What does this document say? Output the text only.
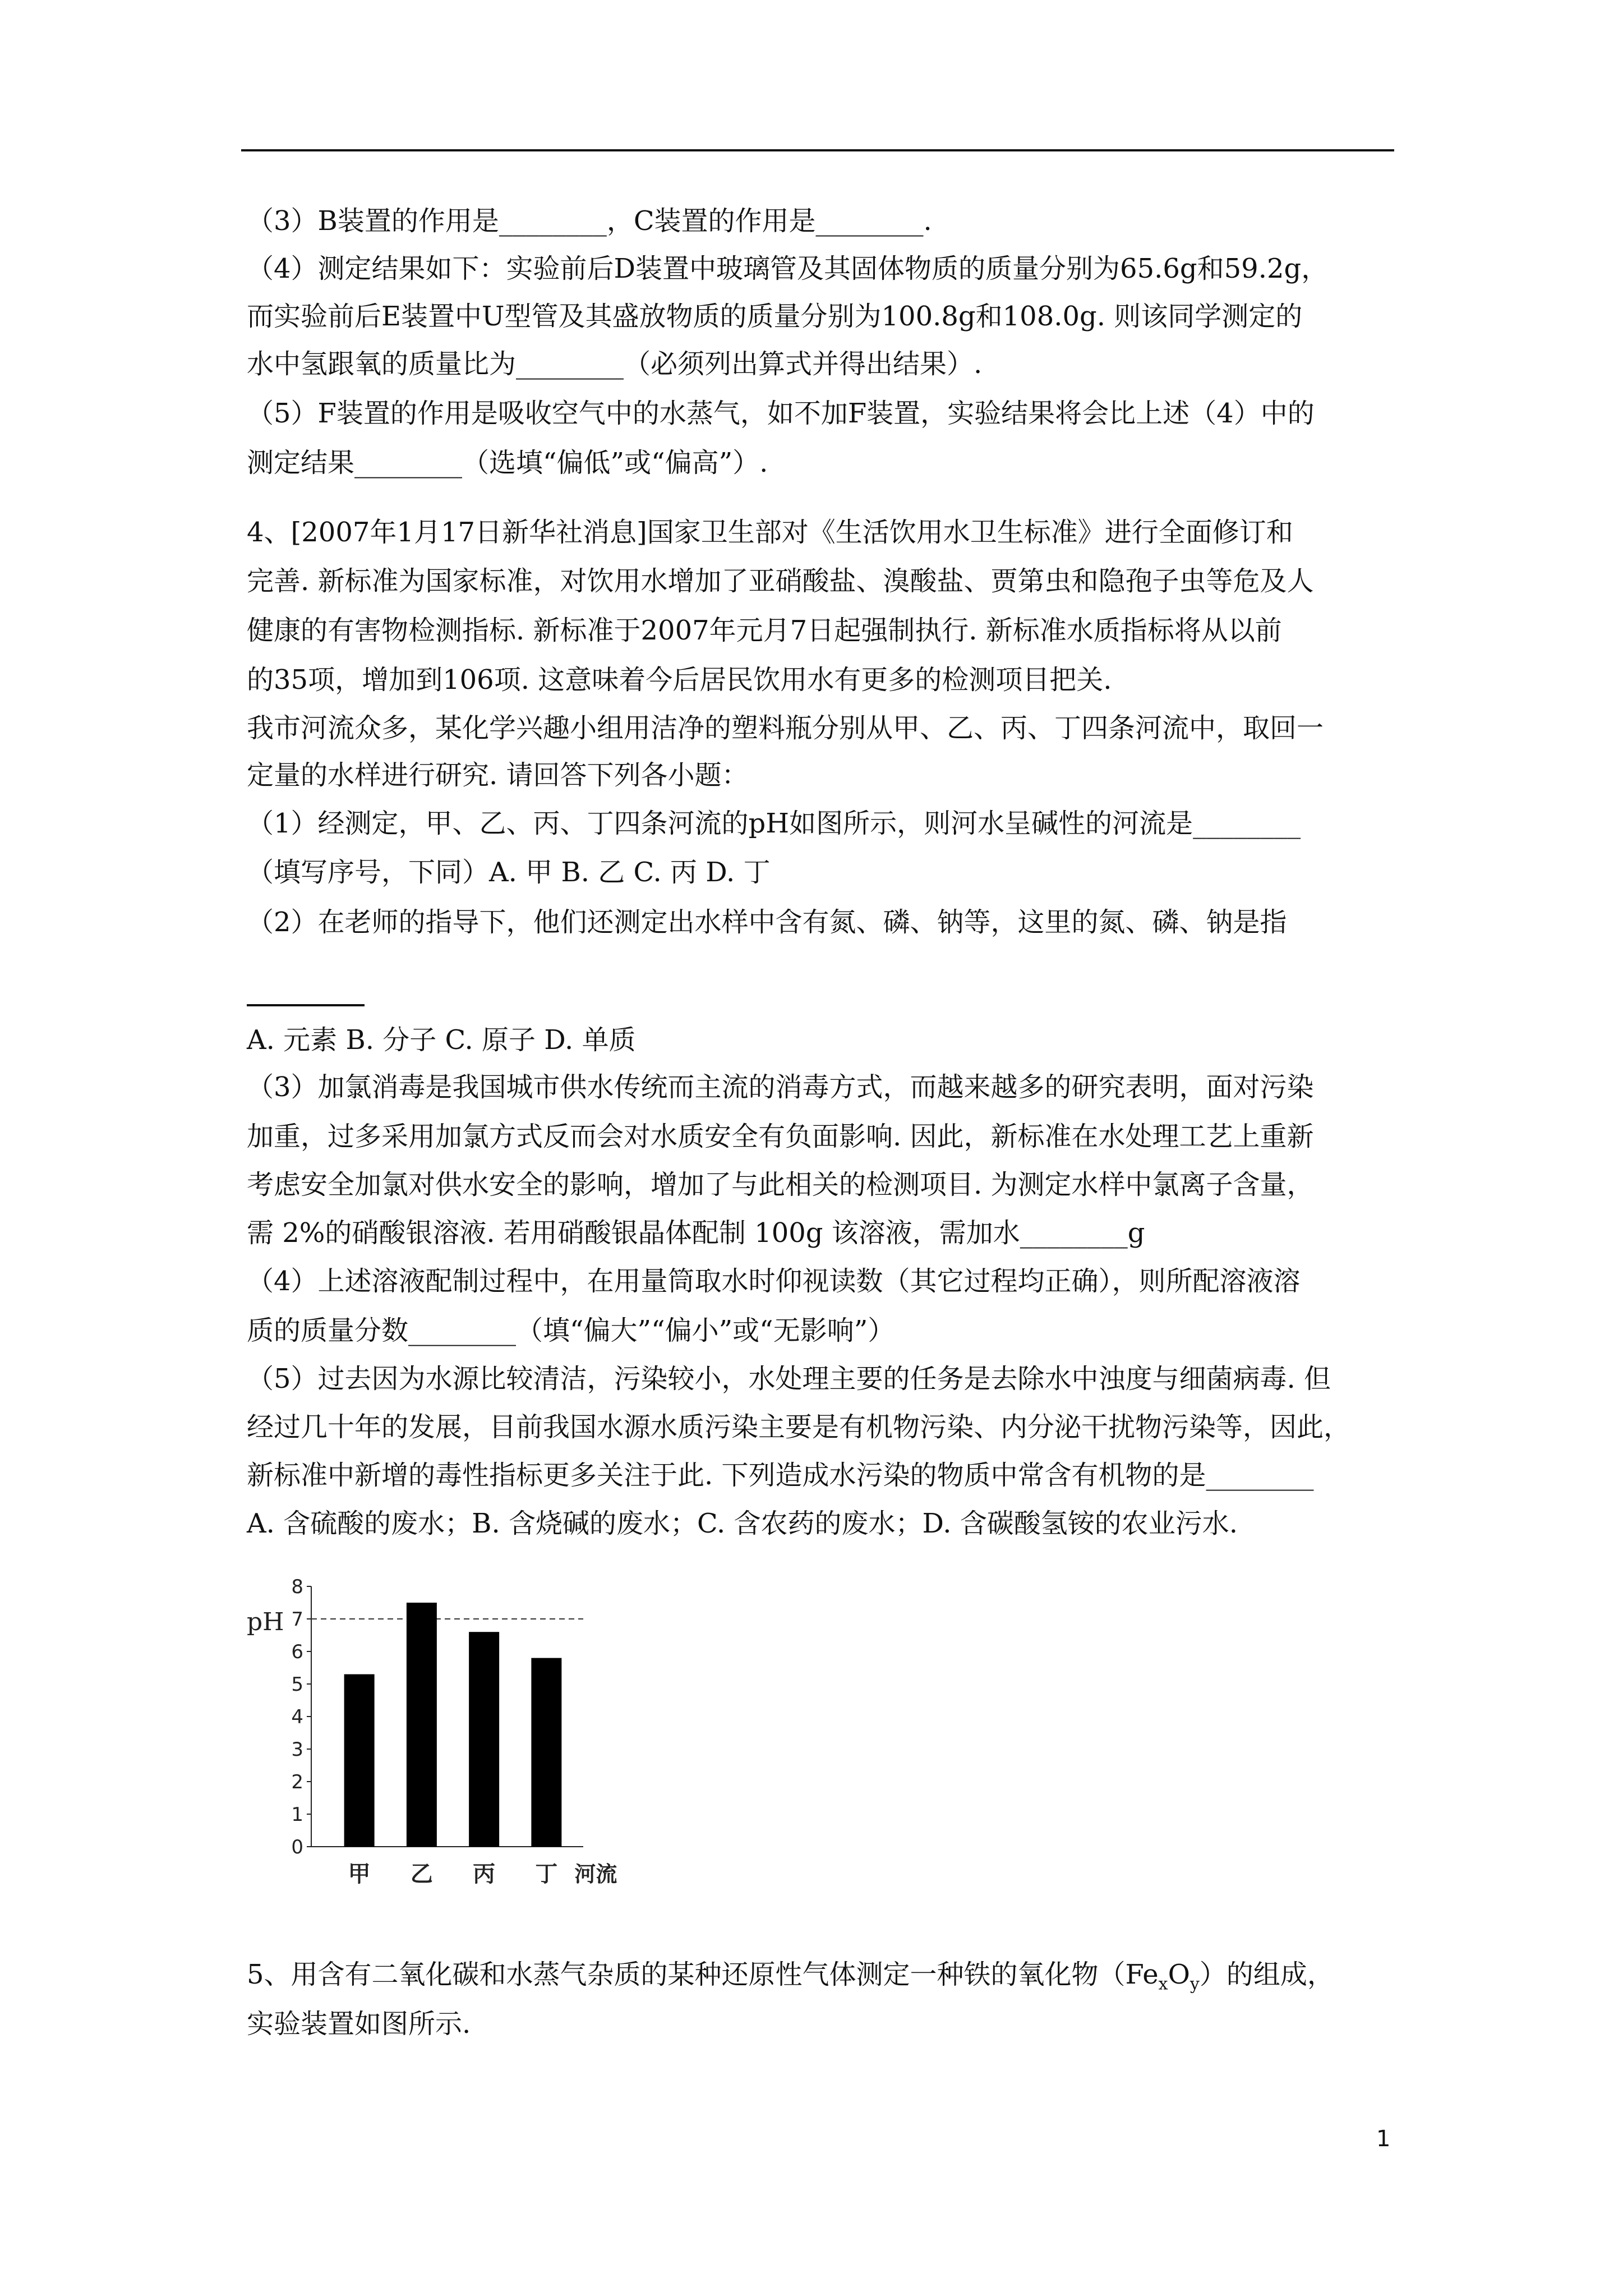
（3）B装置的作用是________，C装置的作用是________.
（4）测定结果如下：实验前后D装置中玻璃管及其固体物质的质量分别为65.6g和59.2g，
而实验前后E装置中U型管及其盛放物质的质量分别为100.8g和108.0g. 则该同学测定的
水中氢跟氧的质量比为________（必须列出算式并得出结果）.
（5）F装置的作用是吸收空气中的水蒸气，如不加F装置，实验结果将会比上述（4）中的
测定结果________（选填“偏低”或“偏高”）.
4、[2007年1月17日新华社消息]国家卫生部对《生活饮用水卫生标准》进行全面修订和
完善. 新标准为国家标准，对饮用水增加了亚硝酸盐、溴酸盐、贾第虫和隐孢子虫等危及人
健康的有害物检测指标. 新标准于2007年元月7日起强制执行. 新标准水质指标将从以前
的35项，增加到106项. 这意味着今后居民饮用水有更多的检测项目把关.
我市河流众多，某化学兴趣小组用洁净的塑料瓶分别从甲、乙、丙、丁四条河流中，取回一
定量的水样进行研究. 请回答下列各小题：
（1）经测定，甲、乙、丙、丁四条河流的pH如图所示，则河水呈碱性的河流是________
（填写序号，下同）A. 甲 B. 乙 C. 丙 D. 丁
（2）在老师的指导下，他们还测定出水样中含有氮、磷、钠等，这里的氮、磷、钠是指
A. 元素 B. 分子 C. 原子 D. 单质
（3）加氯消毒是我国城市供水传统而主流的消毒方式，而越来越多的研究表明，面对污染
加重，过多采用加氯方式反而会对水质安全有负面影响. 因此，新标准在水处理工艺上重新
考虑安全加氯对供水安全的影响，增加了与此相关的检测项目. 为测定水样中氯离子含量，
需 2%的硝酸银溶液. 若用硝酸银晶体配制 100g 该溶液，需加水________g
（4）上述溶液配制过程中，在用量筒取水时仰视读数（其它过程均正确），则所配溶液溶
质的质量分数________（填“偏大”“偏小”或“无影响”）
（5）过去因为水源比较清洁，污染较小，水处理主要的任务是去除水中浊度与细菌病毒. 但
经过几十年的发展，目前我国水源水质污染主要是有机物污染、内分泌干扰物污染等，因此，
新标准中新增的毒性指标更多关注于此. 下列造成水污染的物质中常含有机物的是________
A. 含硫酸的废水；B. 含烧碱的废水；C. 含农药的废水；D. 含碳酸氢铵的农业污水.
0
1
2
3
4
5
6
7
8
pH
甲 乙 丙 丁 河流
5、用含有二氧化碳和水蒸气杂质的某种还原性气体测定一种铁的氧化物$(Fe_xO_y)$的组成，
实验装置如图所示.
1
